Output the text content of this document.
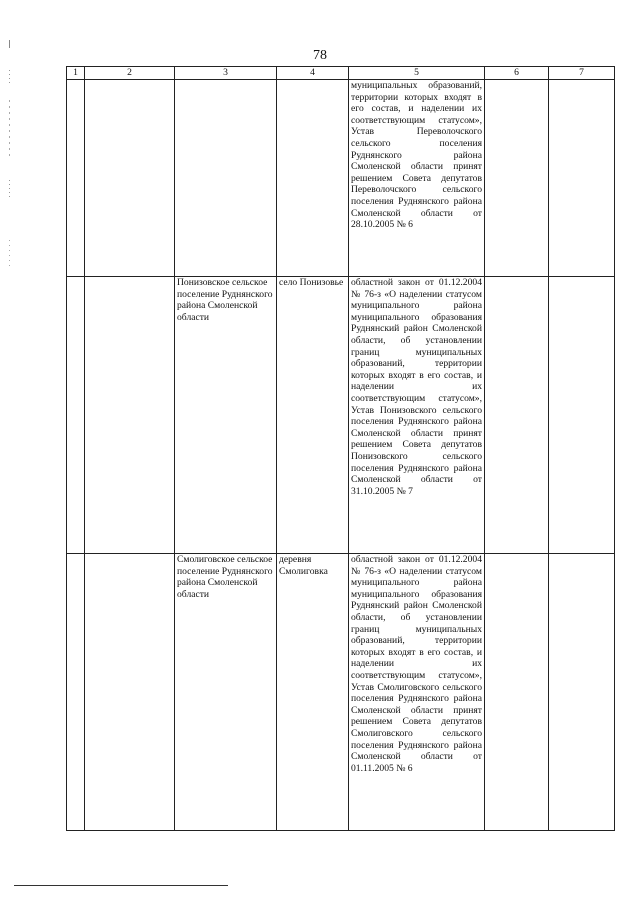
78
1	2	3	4	5	6	7
				муниципальных образований, территории которых входят в его состав, и наделении их соответствующим статусом», Устав Переволочского сельского поселения Руднянского района Смоленской области принят решением Совета депутатов Переволочского сельского поселения Руднянского района Смоленской области от 28.10.2005 № 6		
		Понизовское сельское поселение Руднянского района Смоленской области	село Понизовье	областной закон от 01.12.2004 № 76-з «О наделении статусом муниципального района муниципального образования Руднянский район Смоленской области, об установлении границ муниципальных образований, территории которых входят в его состав, и наделении их соответствующим статусом», Устав Понизовского сельского поселения Руднянского района Смоленской области принят решением Совета депутатов Понизовского сельского поселения Руднянского района Смоленской области от 31.10.2005 № 7		
		Смолиговское сельское поселение Руднянского района Смоленской области	деревня Смолиговка	областной закон от 01.12.2004 № 76-з «О наделении статусом муниципального района муниципального образования Руднянский район Смоленской области, об установлении границ муниципальных образований, территории которых входят в его состав, и наделении их соответствующим статусом», Устав Смолиговского сельского поселения Руднянского района Смоленской области принят решением Совета депутатов Смолиговского сельского поселения Руднянского района Смоленской области от 01.11.2005 № 6		
